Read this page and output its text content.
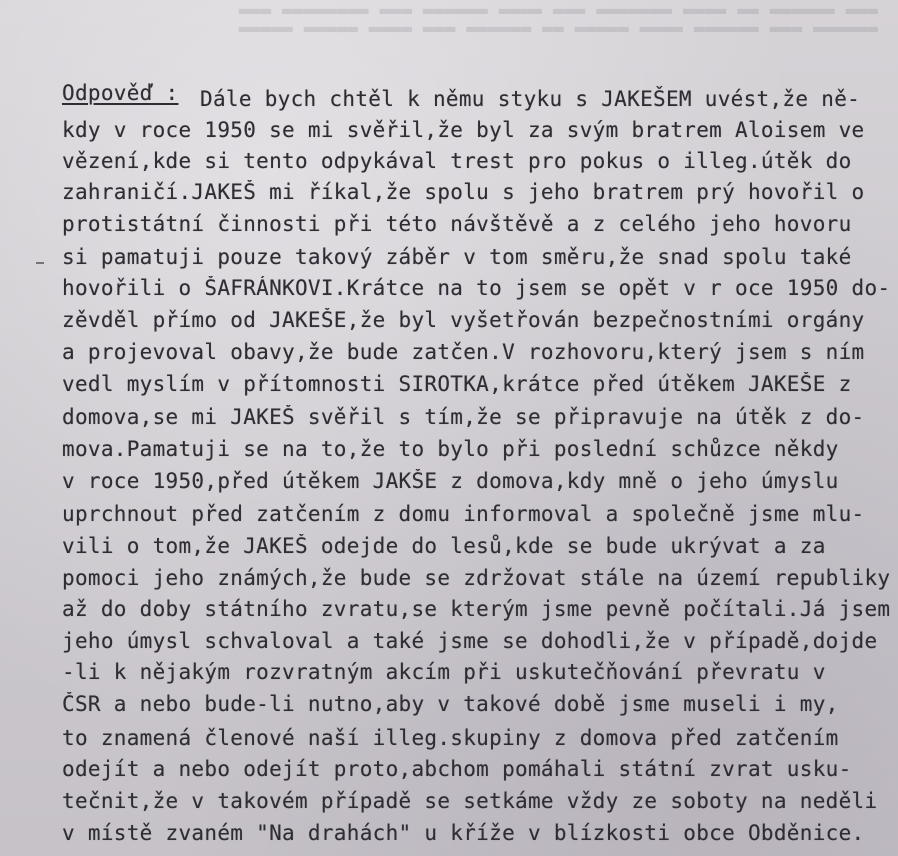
▬▬▬ ▬▬▬▬▬▬ ▬▬ ▬▬▬▬ ▬▬▬▬▬▬▬ ▬▬▬ ▬▬▬▬ ▬▬▬▬▬▬ ▬▬▬ ▬▬▬▬▬▬▬▬ ▬▬▬
▬▬▬▬▬▬ ▬▬▬ ▬▬▬▬▬▬ ▬▬▬▬ ▬▬▬▬▬ ▬▬ ▬▬▬▬▬▬ ▬▬▬ ▬▬▬▬ ▬▬▬▬▬ ▬▬▬▬▬
Odpověď : Dále bych chtěl k němu styku s JAKEŠEM uvést,že ně-
kdy v roce 1950 se mi svěřil,že byl za svým bratrem Aloisem ve
vězení,kde si tento odpykával trest pro pokus o illeg.útěk do
zahraničí.JAKEŠ mi říkal,že spolu s jeho bratrem prý hovořil o
protistátní činnosti při této návštěvě a z celého jeho hovoru
si pamatuji pouze takový záběr v tom směru,že snad spolu také
hovořili o ŠAFRÁNKOVI.Krátce na to jsem se opět v r oce 1950 do-
zěvděl přímo od JAKEŠE,že byl vyšetřován bezpečnostními orgány
a projevoval obavy,že bude zatčen.V rozhovoru,který jsem s ním
vedl myslím v přítomnosti SIROTKA,krátce před útěkem JAKEŠE z
domova,se mi JAKEŠ svěřil s tím,že se připravuje na útěk z do-
mova.Pamatuji se na to,že to bylo při poslední schůzce někdy
v roce 1950,před útěkem JAKŠE z domova,kdy mně o jeho úmyslu
uprchnout před zatčením z domu informoval a společně jsme mlu-
vili o tom,že JAKEŠ odejde do lesů,kde se bude ukrývat a za
pomoci jeho známých,že bude se zdržovat stále na území republiky
až do doby státního zvratu,se kterým jsme pevně počítali.Já jsem
jeho úmysl schvaloval a také jsme se dohodli,že v případě,dojde
-li k nějakým rozvratným akcím při uskutečňování převratu v
ČSR a nebo bude-li nutno,aby v takové době jsme museli i my,
to znamená členové naší illeg.skupiny z domova před zatčením
odejít a nebo odejít proto,abchom pomáhali státní zvrat usku-
tečnit,že v takovém případě se setkáme vždy ze soboty na neděli
v místě zvaném "Na drahách" u kříže v blízkosti obce Obděnice.
